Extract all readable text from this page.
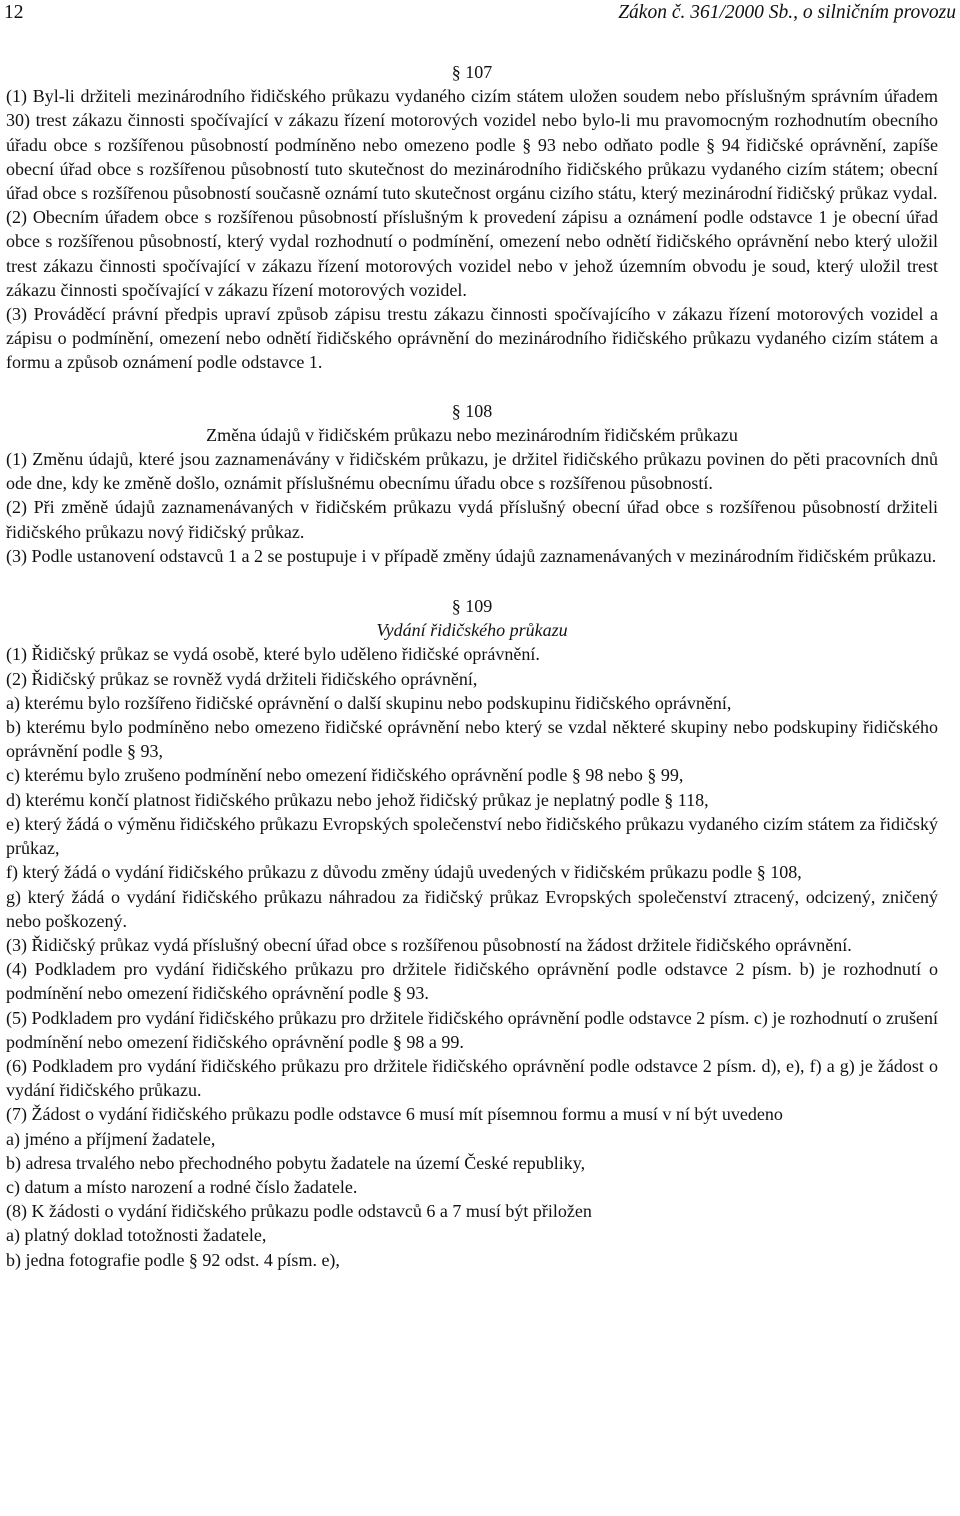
12	Zákon č. 361/2000 Sb., o silničním provozu

§ 107

(1) Byl-li držiteli mezinárodního řidičského průkazu vydaného cizím státem uložen soudem nebo příslušným správním úřadem 30) trest zákazu činnosti spočívající v zákazu řízení motorových vozidel nebo bylo-li mu pravomocným rozhodnutím obecního úřadu obce s rozšířenou působností podmíněno nebo omezeno podle § 93 nebo odňato podle § 94 řidičské oprávnění, zapíše obecní úřad obce s rozšířenou působností tuto skutečnost do mezinárodního řidičského průkazu vydaného cizím státem; obecní úřad obce s rozšířenou působností současně oznámí tuto skutečnost orgánu cizího státu, který mezinárodní řidičský průkaz vydal.

(2) Obecním úřadem obce s rozšířenou působností příslušným k provedení zápisu a oznámení podle odstavce 1 je obecní úřad obce s rozšířenou působností, který vydal rozhodnutí o podmínění, omezení nebo odnětí řidičského oprávnění nebo který uložil trest zákazu činnosti spočívající v zákazu řízení motorových vozidel nebo v jehož územním obvodu je soud, který uložil trest zákazu činnosti spočívající v zákazu řízení motorových vozidel.

(3) Prováděcí právní předpis upraví způsob zápisu trestu zákazu činnosti spočívajícího v zákazu řízení motorových vozidel a zápisu o podmínění, omezení nebo odnětí řidičského oprávnění do mezinárodního řidičského průkazu vydaného cizím státem a formu a způsob oznámení podle odstavce 1.

§ 108

Změna údajů v řidičském průkazu nebo mezinárodním řidičském průkazu

(1) Změnu údajů, které jsou zaznamenávány v řidičském průkazu, je držitel řidičského průkazu povinen do pěti pracovních dnů ode dne, kdy ke změně došlo, oznámit příslušnému obecnímu úřadu obce s rozšířenou působností.

(2) Při změně údajů zaznamenávaných v řidičském průkazu vydá příslušný obecní úřad obce s rozšířenou působností držiteli řidičského průkazu nový řidičský průkaz.

(3) Podle ustanovení odstavců 1 a 2 se postupuje i v případě změny údajů zaznamenávaných v mezinárodním řidičském průkazu.

§ 109

Vydání řidičského průkazu

(1) Řidičský průkaz se vydá osobě, které bylo uděleno řidičské oprávnění.

(2) Řidičský průkaz se rovněž vydá držiteli řidičského oprávnění,

a) kterému bylo rozšířeno řidičské oprávnění o další skupinu nebo podskupinu řidičského oprávnění,

b) kterému bylo podmíněno nebo omezeno řidičské oprávnění nebo který se vzdal některé skupiny nebo podskupiny řidičského oprávnění podle § 93,

c) kterému bylo zrušeno podmínění nebo omezení řidičského oprávnění podle § 98 nebo § 99,

d) kterému končí platnost řidičského průkazu nebo jehož řidičský průkaz je neplatný podle § 118,

e) který žádá o výměnu řidičského průkazu Evropských společenství nebo řidičského průkazu vydaného cizím státem za řidičský průkaz,

f) který žádá o vydání řidičského průkazu z důvodu změny údajů uvedených v řidičském průkazu podle § 108,

g) který žádá o vydání řidičského průkazu náhradou za řidičský průkaz Evropských společenství ztracený, odcizený, zničený nebo poškozený.

(3) Řidičský průkaz vydá příslušný obecní úřad obce s rozšířenou působností na žádost držitele řidičského oprávnění.

(4) Podkladem pro vydání řidičského průkazu pro držitele řidičského oprávnění podle odstavce 2 písm. b) je rozhodnutí o podmínění nebo omezení řidičského oprávnění podle § 93.

(5) Podkladem pro vydání řidičského průkazu pro držitele řidičského oprávnění podle odstavce 2 písm. c) je rozhodnutí o zrušení podmínění nebo omezení řidičského oprávnění podle § 98 a 99.

(6) Podkladem pro vydání řidičského průkazu pro držitele řidičského oprávnění podle odstavce 2 písm. d), e), f) a g) je žádost o vydání řidičského průkazu.

(7) Žádost o vydání řidičského průkazu podle odstavce 6 musí mít písemnou formu a musí v ní být uvedeno

a) jméno a příjmení žadatele,

b) adresa trvalého nebo přechodného pobytu žadatele na území České republiky,

c) datum a místo narození a rodné číslo žadatele.

(8) K žádosti o vydání řidičského průkazu podle odstavců 6 a 7 musí být přiložen

a) platný doklad totožnosti žadatele,

b) jedna fotografie podle § 92 odst. 4 písm. e),
